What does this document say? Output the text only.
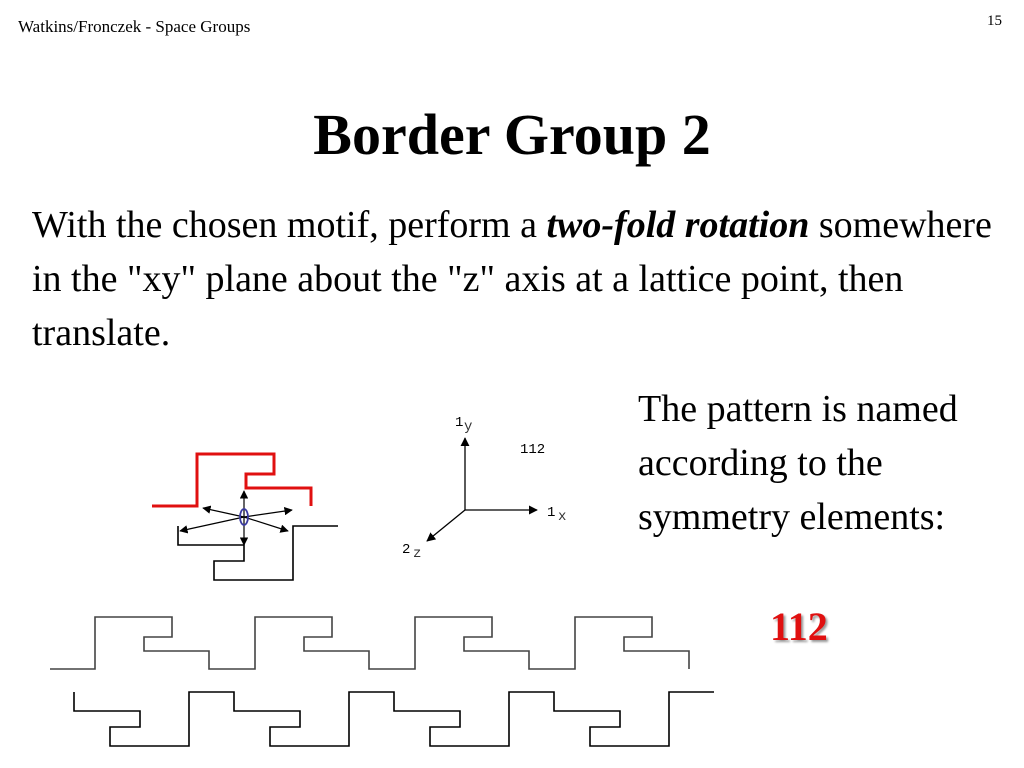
Watkins/Fronczek - Space Groups	15
Border Group 2
With the chosen motif, perform a two-fold rotation somewhere in the "xy" plane about the "z" axis at a lattice point, then translate.
The pattern is named according to the symmetry elements:
112
1 y
1 x
2 z
112
